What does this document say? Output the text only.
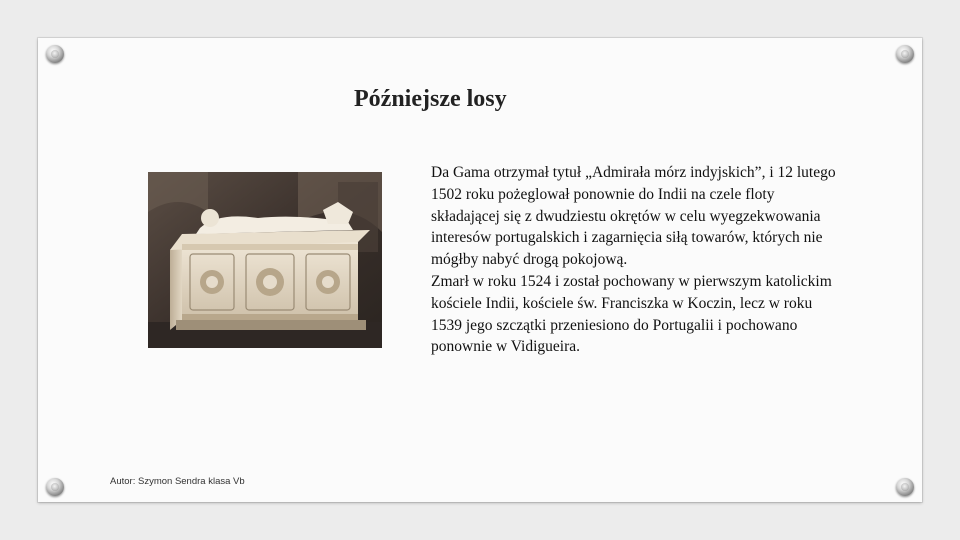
Późniejsze losy

Da Gama otrzymał tytuł „Admirała mórz indyjskich”, i 12 lutego 1502 roku pożeglował ponownie do Indii na czele floty składającej się z dwudziestu okrętów w celu wyegzekwowania interesów portugalskich i zagarnięcia siłą towarów, których nie mógłby nabyć drogą pokojową.

Zmarł w roku 1524 i został pochowany w pierwszym katolickim kościele Indii, kościele św. Franciszka w Koczin, lecz w roku 1539 jego szczątki przeniesiono do Portugalii i pochowano ponownie w Vidigueira.

Autor: Szymon Sendra klasa Vb
